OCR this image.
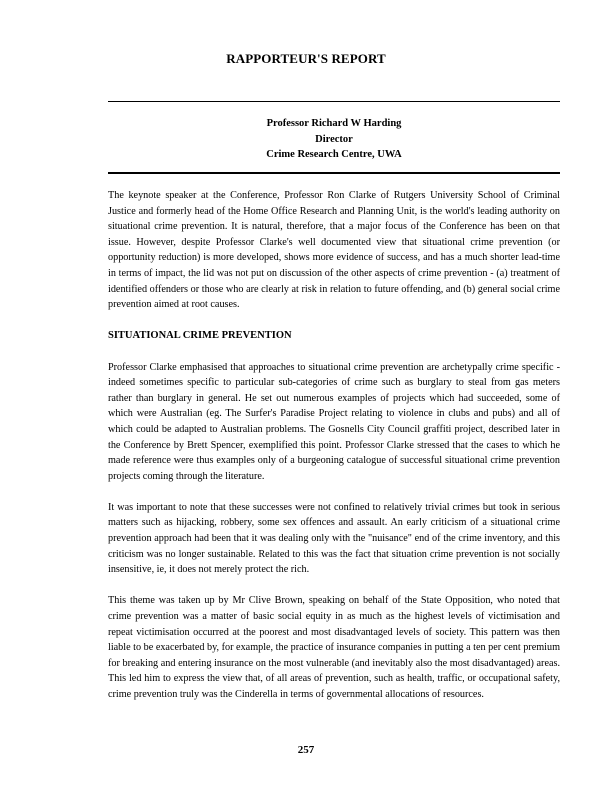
RAPPORTEUR'S REPORT
Professor Richard W Harding
Director
Crime Research Centre, UWA

The keynote speaker at the Conference, Professor Ron Clarke of Rutgers University School of Criminal Justice and formerly head of the Home Office Research and Planning Unit, is the world's leading authority on situational crime prevention. It is natural, therefore, that a major focus of the Conference has been on that issue. However, despite Professor Clarke's well documented view that situational crime prevention (or opportunity reduction) is more developed, shows more evidence of success, and has a much shorter lead-time in terms of impact, the lid was not put on discussion of the other aspects of crime prevention - (a) treatment of identified offenders or those who are clearly at risk in relation to future offending, and (b) general social crime prevention aimed at root causes.

SITUATIONAL CRIME PREVENTION

Professor Clarke emphasised that approaches to situational crime prevention are archetypally crime specific - indeed sometimes specific to particular sub-categories of crime such as burglary to steal from gas meters rather than burglary in general. He set out numerous examples of projects which had succeeded, some of which were Australian (eg. The Surfer's Paradise Project relating to violence in clubs and pubs) and all of which could be adapted to Australian problems. The Gosnells City Council graffiti project, described later in the Conference by Brett Spencer, exemplified this point. Professor Clarke stressed that the cases to which he made reference were thus examples only of a burgeoning catalogue of successful situational crime prevention projects coming through the literature.

It was important to note that these successes were not confined to relatively trivial crimes but took in serious matters such as hijacking, robbery, some sex offences and assault. An early criticism of a situational crime prevention approach had been that it was dealing only with the "nuisance" end of the crime inventory, and this criticism was no longer sustainable. Related to this was the fact that situation crime prevention is not socially insensitive, ie, it does not merely protect the rich.

This theme was taken up by Mr Clive Brown, speaking on behalf of the State Opposition, who noted that crime prevention was a matter of basic social equity in as much as the highest levels of victimisation and repeat victimisation occurred at the poorest and most disadvantaged levels of society. This pattern was then liable to be exacerbated by, for example, the practice of insurance companies in putting a ten per cent premium for breaking and entering insurance on the most vulnerable (and inevitably also the most disadvantaged) areas. This led him to express the view that, of all areas of prevention, such as health, traffic, or occupational safety, crime prevention truly was the Cinderella in terms of governmental allocations of resources.

257
